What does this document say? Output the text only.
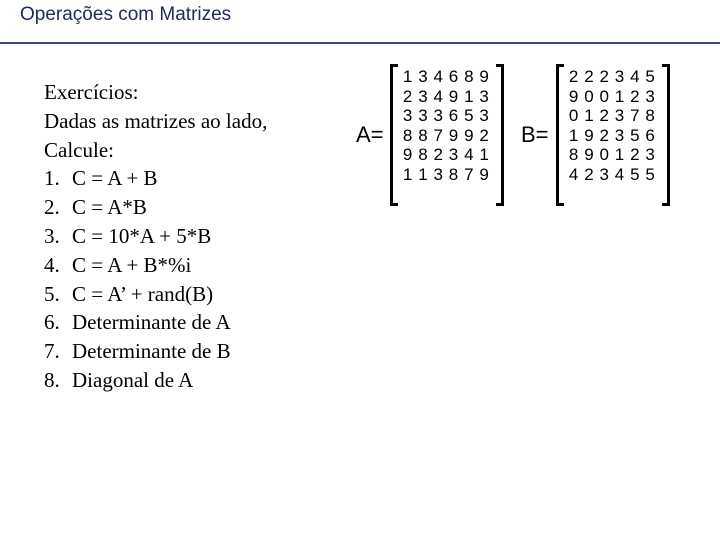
Operações com Matrizes
Exercícios:
Dadas as matrizes ao lado,
Calcule:
1. C = A + B
2. C = A*B
3. C = 10*A + 5*B
4. C = A + B*%i
5. C = A’ + rand(B)
6. Determinante de A
7. Determinante de B
8. Diagonal de A
A=
1 3 4 6 8 9
2 3 4 9 1 3
3 3 3 6 5 3
8 8 7 9 9 2
9 8 2 3 4 1
1 1 3 8 7 9
B=
2 2 2 3 4 5
9 0 0 1 2 3
0 1 2 3 7 8
1 9 2 3 5 6
8 9 0 1 2 3
4 2 3 4 5 5
